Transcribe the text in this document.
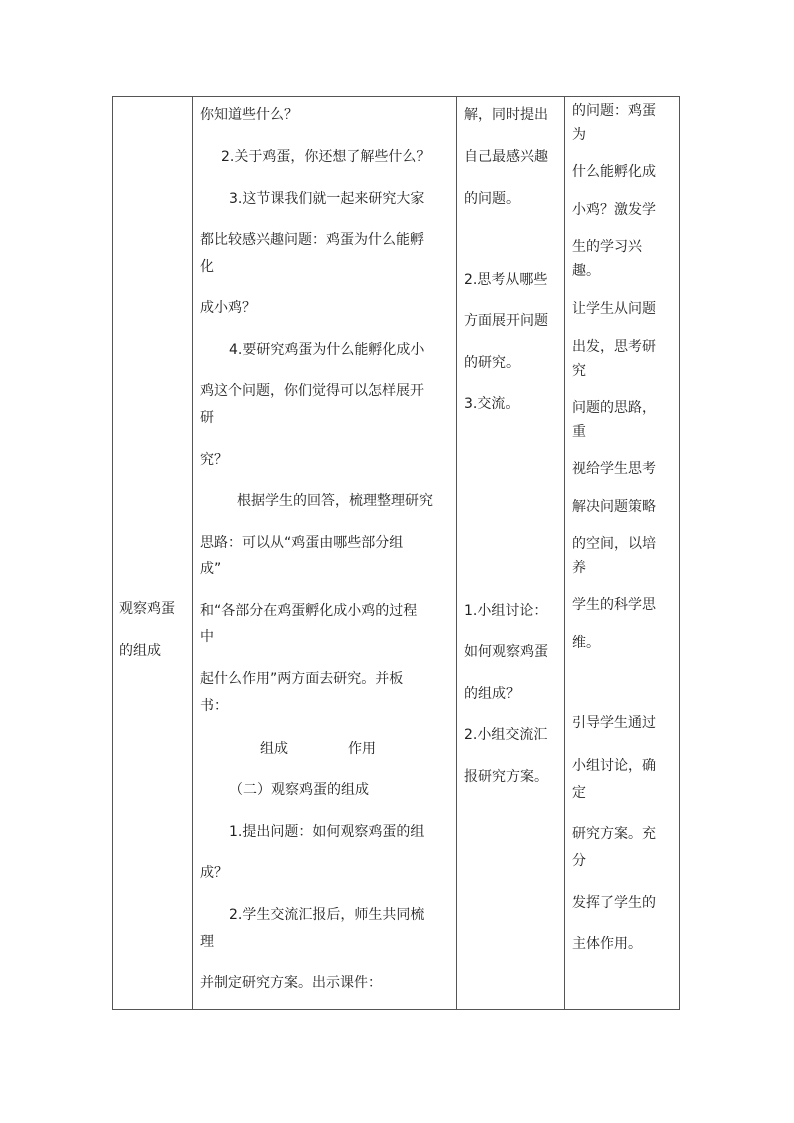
观察鸡蛋
的组成
你知道些什么？
2.关于鸡蛋，你还想了解些什么？
3.这节课我们就一起来研究大家
都比较感兴趣问题：鸡蛋为什么能孵
化
成小鸡？
4.要研究鸡蛋为什么能孵化成小
鸡这个问题，你们觉得可以怎样展开
研
究？
根据学生的回答，梳理整理研究
思路：可以从“鸡蛋由哪些部分组
成”
和“各部分在鸡蛋孵化成小鸡的过程
中
起什么作用”两方面去研究。并板
书：
组成	作用
（二）观察鸡蛋的组成
1.提出问题：如何观察鸡蛋的组
成？
2.学生交流汇报后，师生共同梳
理
并制定研究方案。出示课件：
解，同时提出
自己最感兴趣
的问题。
2.思考从哪些
方面展开问题
的研究。
3.交流。
1.小组讨论：
如何观察鸡蛋
的组成？
2.小组交流汇
报研究方案。
的问题：鸡蛋
为
什么能孵化成
小鸡？激发学
生的学习兴
趣。
让学生从问题
出发，思考研
究
问题的思路，
重
视给学生思考
解决问题策略
的空间，以培
养
学生的科学思
维。
引导学生通过
小组讨论，确
定
研究方案。充
分
发挥了学生的
主体作用。
